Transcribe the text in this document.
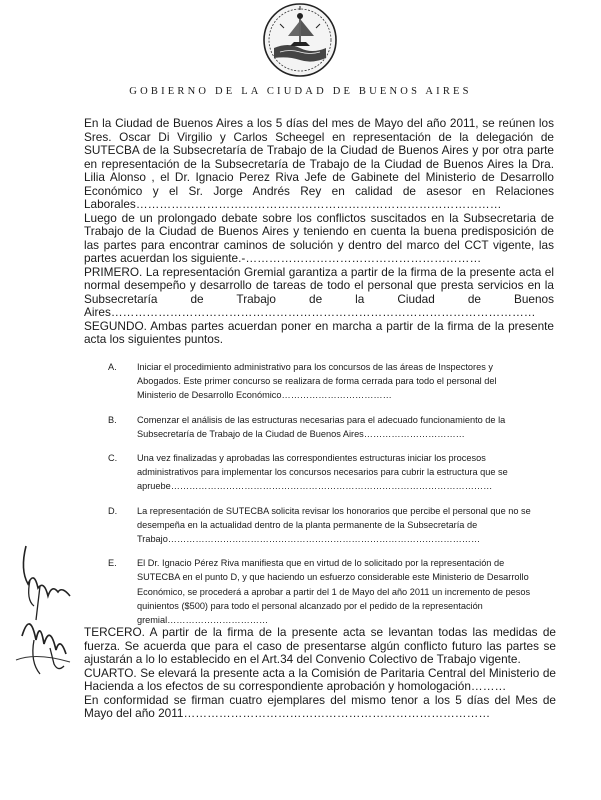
GOBIERNO DE LA CIUDAD DE BUENOS AIRES

En la Ciudad de Buenos Aires a los 5 días del mes de Mayo del año 2011, se reúnen los Sres. Oscar Di Virgilio y Carlos Scheegel en representación de la delegación de SUTECBA de la Subsecretaría de Trabajo de la Ciudad de Buenos Aires y por otra parte en representación de la Subsecretaría de Trabajo de la Ciudad de Buenos Aires la Dra. Lilia Alonso , el Dr. Ignacio Perez Riva Jefe de Gabinete del Ministerio de Desarrollo Económico y el Sr. Jorge Andrés Rey en calidad de asesor en Relaciones Laborales…………………………………………………………………………………

Luego de un prolongado debate sobre los conflictos suscitados en la Subsecretaria de Trabajo de la Ciudad de Buenos Aires y teniendo en cuenta la buena predisposición de las partes para encontrar caminos de solución y dentro del marco del CCT vigente, las partes acuerdan los siguiente.-……………………………………………………

PRIMERO. La representación Gremial garantiza a partir de la firma de la presente acta el normal desempeño y desarrollo de tareas de todo el personal que presta servicios en la Subsecretaría de Trabajo de la Ciudad de Buenos Aires………………………………………………………………………………………………

SEGUNDO. Ambas partes acuerdan poner en marcha a partir de la firma de la presente acta los siguientes puntos.

A. Iniciar el procedimiento administrativo para los concursos de las áreas de Inspectores y Abogados. Este primer concurso se realizara de forma cerrada para todo el personal del Ministerio de Desarrollo Económico………………………………
B. Comenzar el análisis de las estructuras necesarias para el adecuado funcionamiento de la Subsecretaría de Trabajo de la Ciudad de Buenos Aires……………………………
C. Una vez finalizadas y aprobadas las correspondientes estructuras iniciar los procesos administrativos para implementar los concursos necesarios para cubrir la estructura que se apruebe……………………………………………………………………………………………
D. La representación de SUTECBA solicita revisar los honorarios que percibe el personal que no se desempeña en la actualidad dentro de la planta permanente de la Subsecretaría de Trabajo…………………………………………………………………………………………
E. El Dr. Ignacio Pérez Riva manifiesta que en virtud de lo solicitado por la representación de SUTECBA en el punto D, y que haciendo un esfuerzo considerable este Ministerio de Desarrollo Económico, se procederá a aprobar a partir del 1 de Mayo del año 2011 un incremento de pesos quinientos ($500) para todo el personal alcanzado por el pedido de la representación gremial……………………………

TERCERO. A partir de la firma de la presente acta se levantan todas las medidas de fuerza. Se acuerda que para el caso de presentarse algún conflicto futuro las partes se ajustarán a lo lo establecido en el Art.34 del Convenio Colectivo de Trabajo vigente.

CUARTO. Se elevará la presente acta a la Comisión de Paritaria Central del Ministerio de Hacienda a los efectos de su correspondiente aprobación y homologación………

En conformidad se firman cuatro ejemplares del mismo tenor a los 5 días del Mes de Mayo del año 2011……………………………………………………………………
